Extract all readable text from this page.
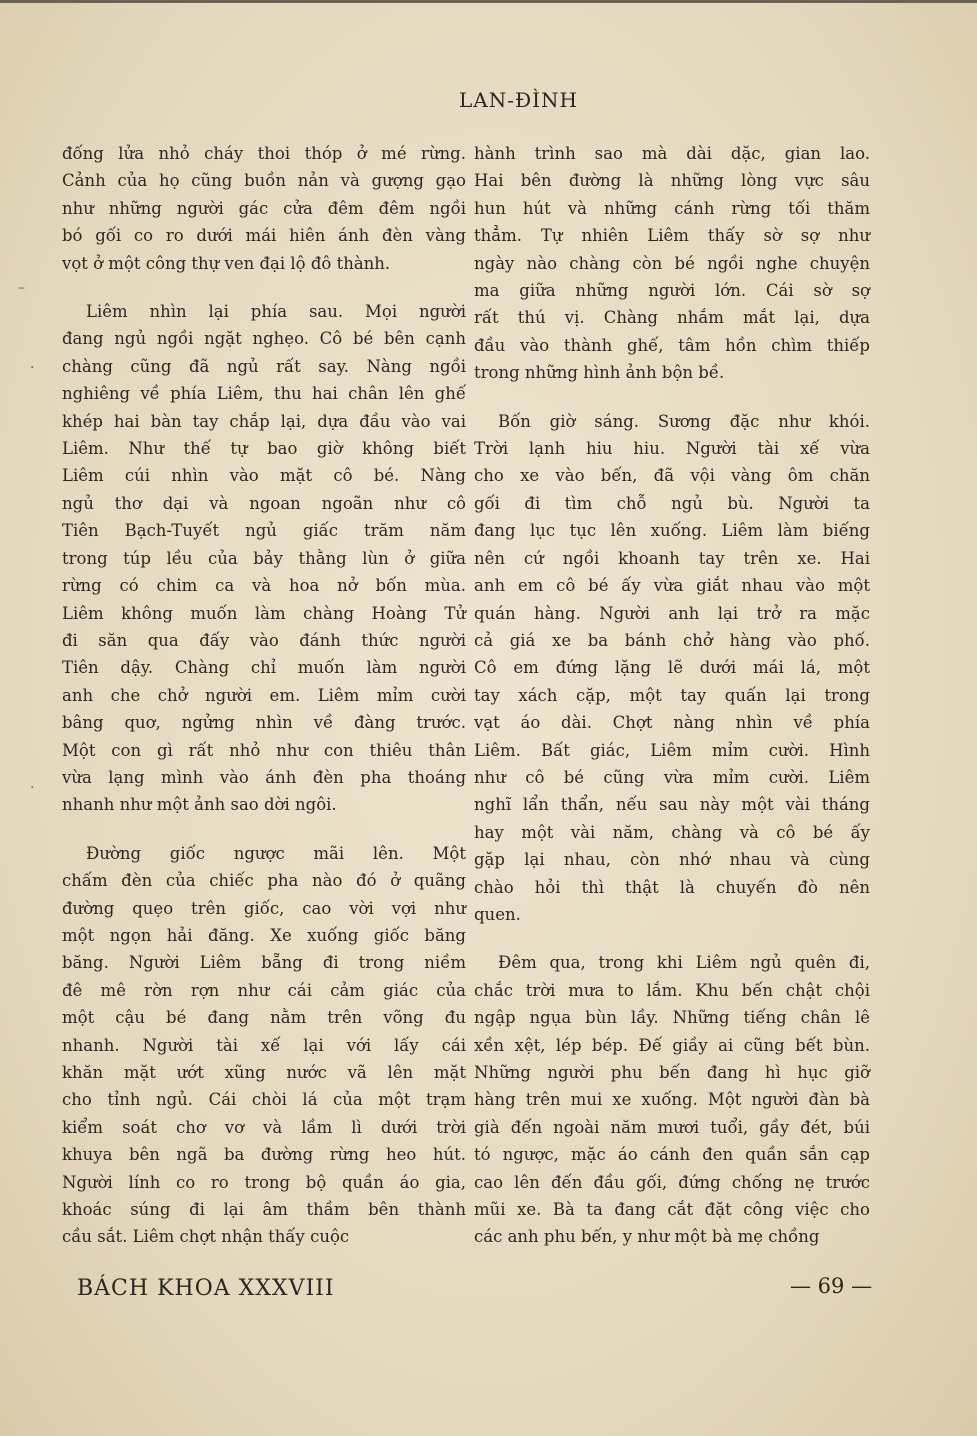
–
·
·
LAN-ĐÌNH

đống lửa nhỏ cháy thoi thóp ở mé rừng.
Cảnh của họ cũng buồn nản và gượng gạo
như những người gác cửa đêm đêm ngồi
bó gối co ro dưới mái hiên ánh đèn vàng
vọt ở một công thự ven đại lộ đô thành.

Liêm nhìn lại phía sau. Mọi người
đang ngủ ngồi ngặt nghẹo. Cô bé bên cạnh
chàng cũng đã ngủ rất say. Nàng ngồi
nghiêng về phía Liêm, thu hai chân lên ghế
khép hai bàn tay chắp lại, dựa đầu vào vai
Liêm. Như thế tự bao giờ không biết
Liêm cúi nhìn vào mặt cô bé. Nàng
ngủ thơ dại và ngoan ngoãn như cô
Tiên Bạch-Tuyết ngủ giấc trăm năm
trong túp lều của bảy thằng lùn ở giữa
rừng có chim ca và hoa nở bốn mùa.
Liêm không muốn làm chàng Hoàng Tử
đi săn qua đấy vào đánh thức người
Tiên dậy. Chàng chỉ muốn làm người
anh che chở người em. Liêm mỉm cười
bâng quơ, ngửng nhìn về đàng trước.
Một con gì rất nhỏ như con thiêu thân
vừa lạng mình vào ánh đèn pha thoáng
nhanh như một ảnh sao dời ngôi.

Đường giốc ngược mãi lên. Một
chấm đèn của chiếc pha nào đó ở quãng
đường quẹo trên giốc, cao vời vợi như
một ngọn hải đăng. Xe xuống giốc băng
băng. Người Liêm bẵng đi trong niềm
đê mê rờn rợn như cái cảm giác của
một cậu bé đang nằm trên võng đu
nhanh. Người tài xế lại với lấy cái
khăn mặt ướt xũng nước vã lên mặt
cho tỉnh ngủ. Cái chòi lá của một trạm
kiểm soát chơ vơ và lầm lì dưới trời
khuya bên ngã ba đường rừng heo hút.
Người lính co ro trong bộ quần áo gia,
khoác súng đi lại âm thầm bên thành
cầu sắt. Liêm chợt nhận thấy cuộc

hành trình sao mà dài dặc, gian lao.
Hai bên đường là những lòng vực sâu
hun hút và những cánh rừng tối thăm
thẳm. Tự nhiên Liêm thấy sờ sợ như
ngày nào chàng còn bé ngồi nghe chuyện
ma giữa những người lớn. Cái sờ sợ
rất thú vị. Chàng nhắm mắt lại, dựa
đầu vào thành ghế, tâm hồn chìm thiếp
trong những hình ảnh bộn bề.

Bốn giờ sáng. Sương đặc như khói.
Trời lạnh hiu hiu. Người tài xế vừa
cho xe vào bến, đã vội vàng ôm chăn
gối đi tìm chỗ ngủ bù. Người ta
đang lục tục lên xuống. Liêm làm biếng
nên cứ ngồi khoanh tay trên xe. Hai
anh em cô bé ấy vừa giắt nhau vào một
quán hàng. Người anh lại trở ra mặc
cả giá xe ba bánh chở hàng vào phố.
Cô em đứng lặng lẽ dưới mái lá, một
tay xách cặp, một tay quấn lại trong
vạt áo dài. Chợt nàng nhìn về phía
Liêm. Bất giác, Liêm mỉm cười. Hình
như cô bé cũng vừa mỉm cười. Liêm
nghĩ lẩn thẩn, nếu sau này một vài tháng
hay một vài năm, chàng và cô bé ấy
gặp lại nhau, còn nhớ nhau và cùng
chào hỏi thì thật là chuyến đò nên
quen.

Đêm qua, trong khi Liêm ngủ quên đi,
chắc trời mưa to lắm. Khu bến chật chội
ngập ngụa bùn lầy. Những tiếng chân lê
xền xệt, lép bép. Đế giầy ai cũng bết bùn.
Những người phu bến đang hì hục giỡ
hàng trên mui xe xuống. Một người đàn bà
già đến ngoài năm mươi tuổi, gầy đét, búi
tó ngược, mặc áo cánh đen quần sắn cạp
cao lên đến đầu gối, đứng chống nẹ trước
mũi xe. Bà ta đang cắt đặt công việc cho
các anh phu bến, y như một bà mẹ chồng

BÁCH KHOA XXXVIII	— 69 —
